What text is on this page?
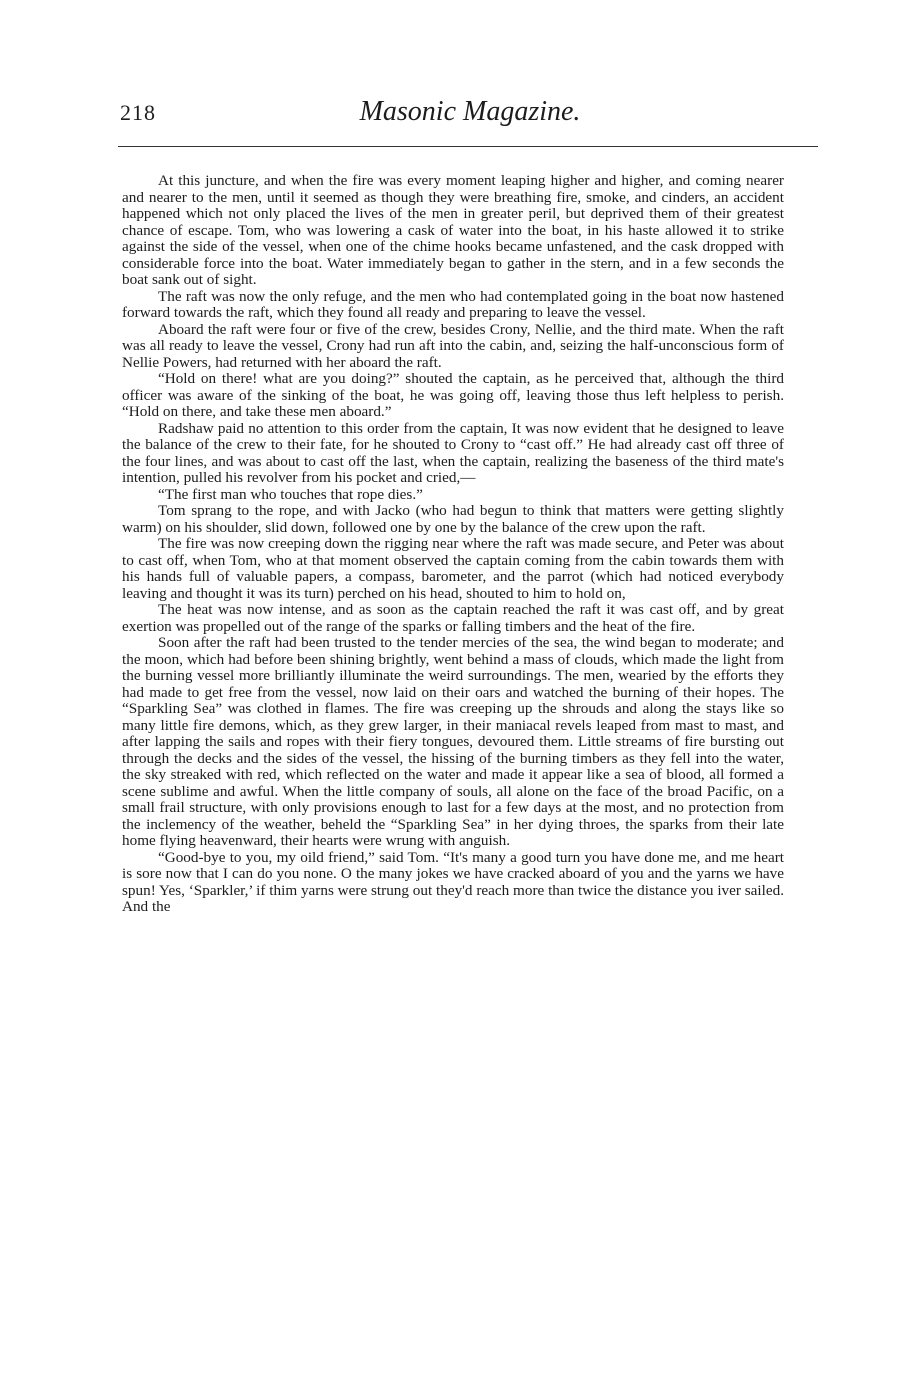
218	Masonic Magazine.

At this juncture, and when the fire was every moment leaping higher and higher, and coming nearer and nearer to the men, until it seemed as though they were breathing fire, smoke, and cinders, an accident happened which not only placed the lives of the men in greater peril, but deprived them of their greatest chance of escape. Tom, who was lowering a cask of water into the boat, in his haste allowed it to strike against the side of the vessel, when one of the chime hooks became unfastened, and the cask dropped with considerable force into the boat. Water immediately began to gather in the stern, and in a few seconds the boat sank out of sight.

The raft was now the only refuge, and the men who had contemplated going in the boat now hastened forward towards the raft, which they found all ready and preparing to leave the vessel.

Aboard the raft were four or five of the crew, besides Crony, Nellie, and the third mate. When the raft was all ready to leave the vessel, Crony had run aft into the cabin, and, seizing the half-unconscious form of Nellie Powers, had returned with her aboard the raft.

“Hold on there! what are you doing?” shouted the captain, as he perceived that, although the third officer was aware of the sinking of the boat, he was going off, leaving those thus left helpless to perish. “Hold on there, and take these men aboard.”

Radshaw paid no attention to this order from the captain, It was now evident that he designed to leave the balance of the crew to their fate, for he shouted to Crony to “cast off.” He had already cast off three of the four lines, and was about to cast off the last, when the captain, realizing the baseness of the third mate's intention, pulled his revolver from his pocket and cried,—

“The first man who touches that rope dies.”

Tom sprang to the rope, and with Jacko (who had begun to think that matters were getting slightly warm) on his shoulder, slid down, followed one by one by the balance of the crew upon the raft.

The fire was now creeping down the rigging near where the raft was made secure, and Peter was about to cast off, when Tom, who at that moment observed the captain coming from the cabin towards them with his hands full of valuable papers, a compass, barometer, and the parrot (which had noticed everybody leaving and thought it was its turn) perched on his head, shouted to him to hold on,

The heat was now intense, and as soon as the captain reached the raft it was cast off, and by great exertion was propelled out of the range of the sparks or falling timbers and the heat of the fire.

Soon after the raft had been trusted to the tender mercies of the sea, the wind began to moderate; and the moon, which had before been shining brightly, went behind a mass of clouds, which made the light from the burning vessel more brilliantly illuminate the weird surroundings. The men, wearied by the efforts they had made to get free from the vessel, now laid on their oars and watched the burning of their hopes. The “Sparkling Sea” was clothed in flames. The fire was creeping up the shrouds and along the stays like so many little fire demons, which, as they grew larger, in their maniacal revels leaped from mast to mast, and after lapping the sails and ropes with their fiery tongues, devoured them. Little streams of fire bursting out through the decks and the sides of the vessel, the hissing of the burning timbers as they fell into the water, the sky streaked with red, which reflected on the water and made it appear like a sea of blood, all formed a scene sublime and awful. When the little company of souls, all alone on the face of the broad Pacific, on a small frail structure, with only provisions enough to last for a few days at the most, and no protection from the inclemency of the weather, beheld the “Sparkling Sea” in her dying throes, the sparks from their late home flying heavenward, their hearts were wrung with anguish.

“Good-bye to you, my oild friend,” said Tom. “It's many a good turn you have done me, and me heart is sore now that I can do you none. O the many jokes we have cracked aboard of you and the yarns we have spun! Yes, ‘Sparkler,’ if thim yarns were strung out they'd reach more than twice the distance you iver sailed. And the
